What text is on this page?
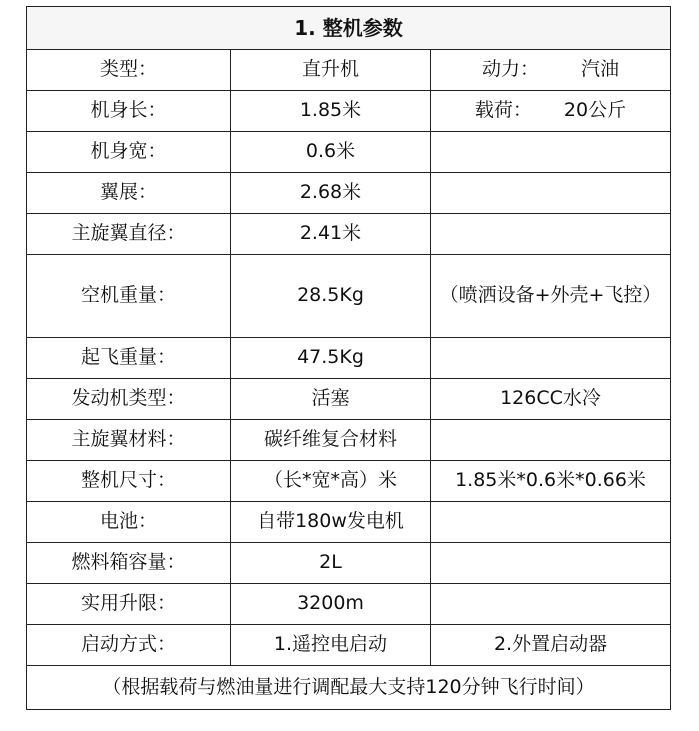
1. 整机参数		
类型：	直升机	动力： 汽油

机身长：	1.85米	载荷： 20公斤

机身宽：	0.6米	
翼展：	2.68米	
主旋翼直径：	2.41米	
空机重量：	28.5Kg	（喷洒设备+外壳+飞控）
起飞重量：	47.5Kg	
发动机类型：	活塞	126CC水冷
主旋翼材料：	碳纤维复合材料	
整机尺寸：	（长*宽*高）米	1.85米*0.6米*0.66米
电池：	自带180w发电机	
燃料箱容量：	2L	
实用升限：	3200m	
启动方式：	1.遥控电启动	2.外置启动器
（根据载荷与燃油量进行调配最大支持120分钟飞行时间）		
